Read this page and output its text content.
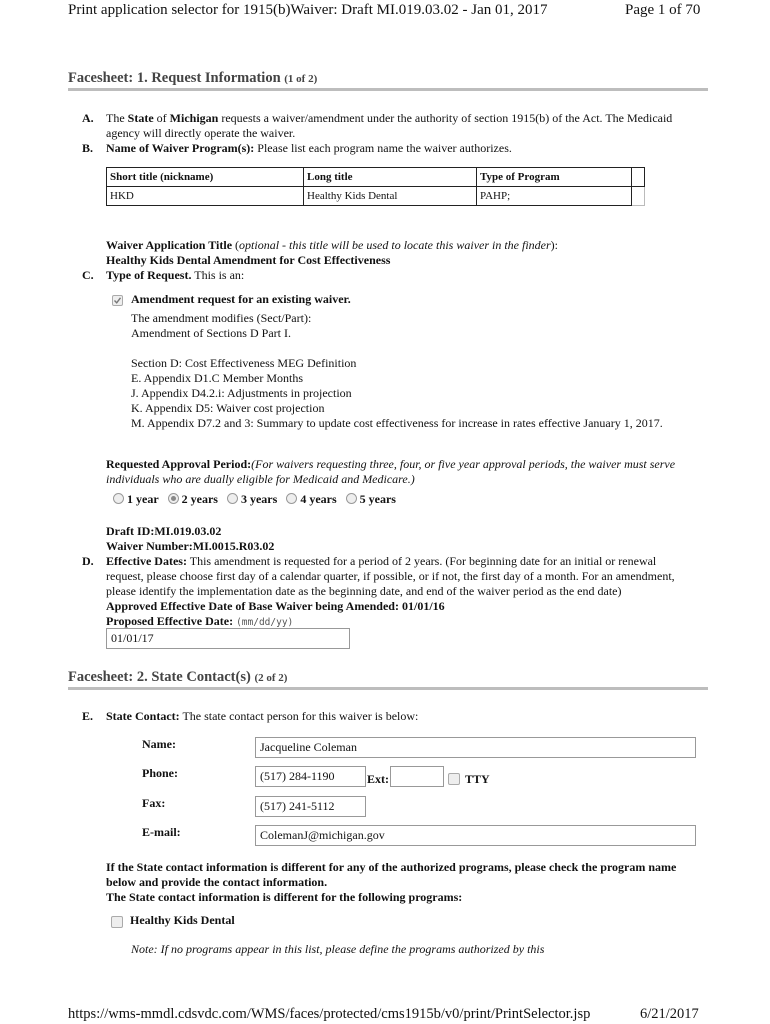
Print application selector for 1915(b)Waiver: Draft MI.019.03.02 - Jan 01, 2017	Page 1 of 70
Facesheet: 1. Request Information (1 of 2)
A. The State of Michigan requests a waiver/amendment under the authority of section 1915(b) of the Act. The Medicaid
agency will directly operate the waiver.
B. Name of Waiver Program(s): Please list each program name the waiver authorizes.
Short title (nickname)	Long title	Type of Program	
HKD	Healthy Kids Dental	PAHP;	
Waiver Application Title (optional - this title will be used to locate this waiver in the finder):
Healthy Kids Dental Amendment for Cost Effectiveness
C. Type of Request. This is an:
Amendment request for an existing waiver.
The amendment modifies (Sect/Part):
Amendment of Sections D Part I.
Section D: Cost Effectiveness MEG Definition
E. Appendix D1.C Member Months
J. Appendix D4.2.i: Adjustments in projection
K. Appendix D5: Waiver cost projection
M. Appendix D7.2 and 3: Summary to update cost effectiveness for increase in rates effective January 1, 2017.
Requested Approval Period:(For waivers requesting three, four, or five year approval periods, the waiver must serve
individuals who are dually eligible for Medicaid and Medicare.)
1 year 2 years 3 years 4 years 5 years
Draft ID:MI.019.03.02
Waiver Number:MI.0015.R03.02
D. Effective Dates: This amendment is requested for a period of 2 years. (For beginning date for an initial or renewal
request, please choose first day of a calendar quarter, if possible, or if not, the first day of a month. For an amendment,
please identify the implementation date as the beginning date, and end of the waiver period as the end date)
Approved Effective Date of Base Waiver being Amended: 01/01/16
Proposed Effective Date: (mm/dd/yy)
01/01/17
Facesheet: 2. State Contact(s) (2 of 2)
E. State Contact: The state contact person for this waiver is below:
Name:	Jacqueline Coleman
Phone:	(517) 284-1190	Ext:	TTY
Fax:	(517) 241-5112
E-mail:	ColemanJ@michigan.gov
If the State contact information is different for any of the authorized programs, please check the program name
below and provide the contact information.
The State contact information is different for the following programs:
Healthy Kids Dental
Note: If no programs appear in this list, please define the programs authorized by this
https://wms-mmdl.cdsvdc.com/WMS/faces/protected/cms1915b/v0/print/PrintSelector.jsp	6/21/2017
